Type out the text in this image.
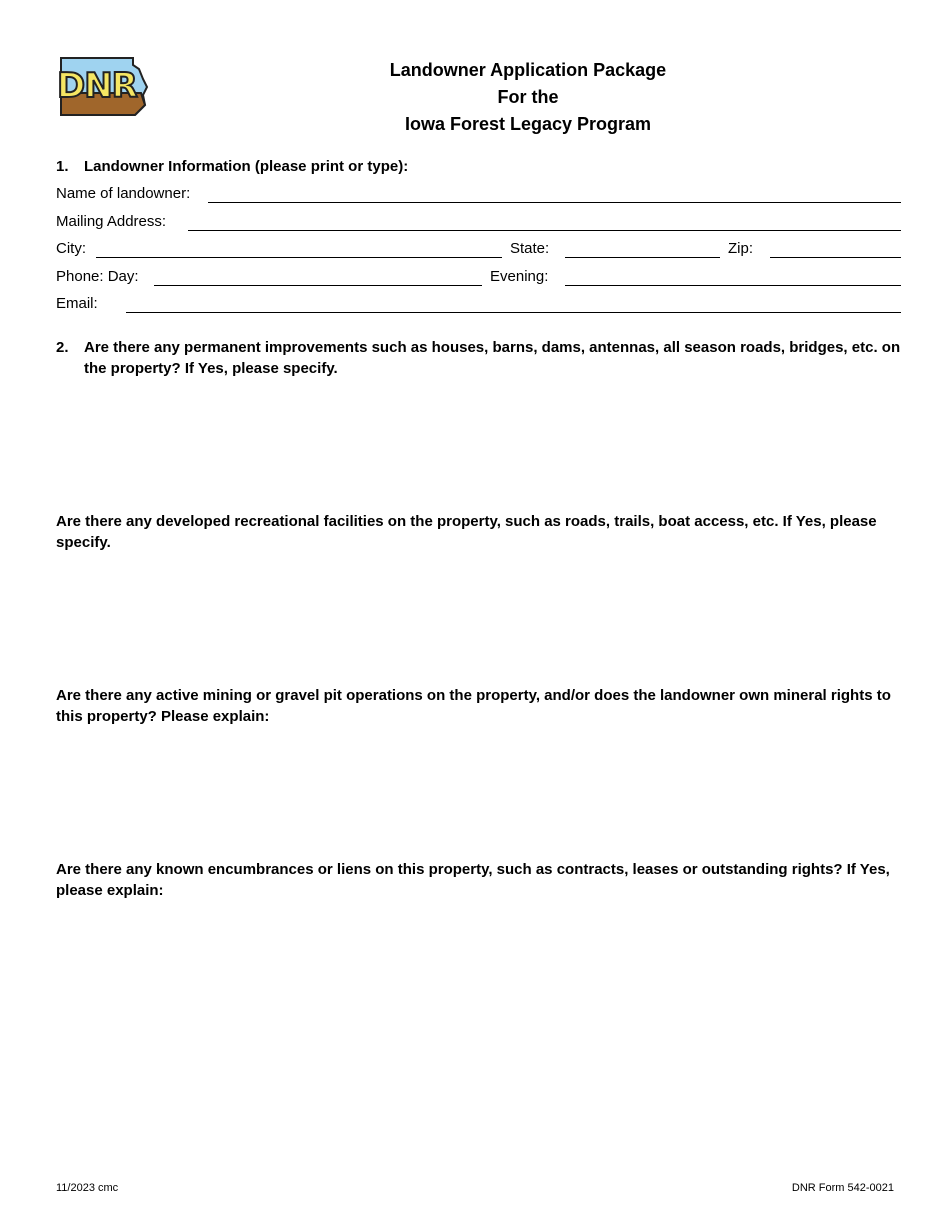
DNR	Landowner Application Package
For the
Iowa Forest Legacy Program
1. Landowner Information (please print or type):
Name of landowner:
Mailing Address:
City:	State:	Zip:
Phone: Day:	Evening:
Email:
2. Are there any permanent improvements such as houses, barns, dams, antennas, all season roads, bridges, etc. on the property? If Yes, please specify.
Are there any developed recreational facilities on the property, such as roads, trails, boat access, etc. If Yes, please specify.
Are there any active mining or gravel pit operations on the property, and/or does the landowner own mineral rights to this property? Please explain:
Are there any known encumbrances or liens on this property, such as contracts, leases or outstanding rights? If Yes, please explain:
11/2023 cmc	DNR Form 542-0021
